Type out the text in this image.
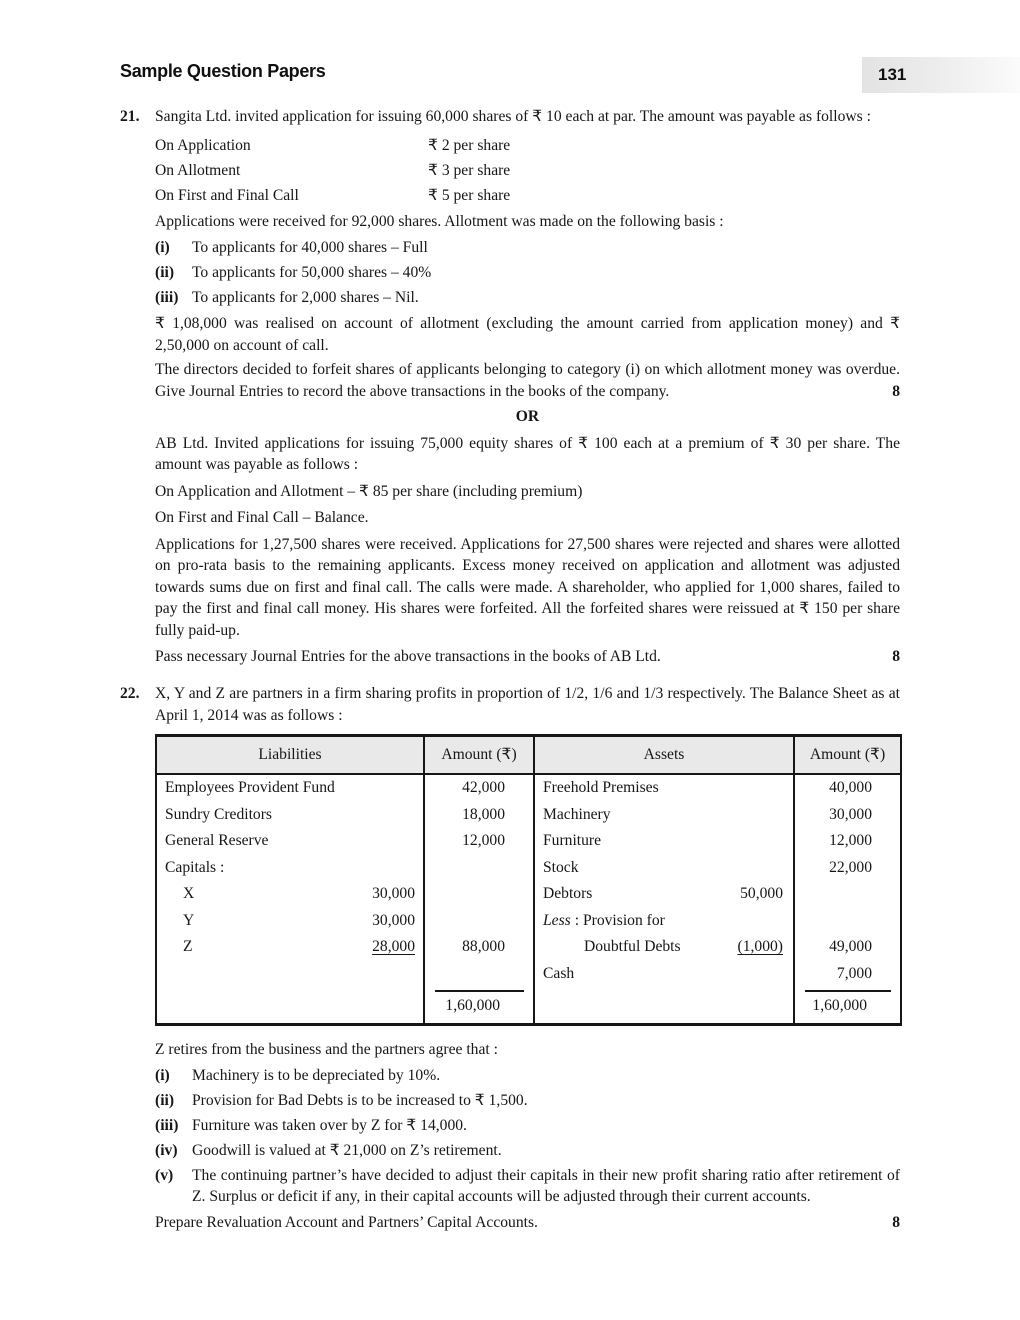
Sample Question Papers	131
21. Sangita Ltd. invited application for issuing 60,000 shares of ₹ 10 each at par. The amount was payable as follows :

On Application	₹ 2 per share
On Allotment	₹ 3 per share
On First and Final Call	₹ 5 per share

Applications were received for 92,000 shares. Allotment was made on the following basis :

(i)	To applicants for 40,000 shares – Full
(ii)	To applicants for 50,000 shares – 40%
(iii) To applicants for 2,000 shares – Nil.

₹ 1,08,000 was realised on account of allotment (excluding the amount carried from application money) and ₹ 2,50,000 on account of call.

The directors decided to forfeit shares of applicants belonging to category (i) on which allotment money was overdue. Give Journal Entries to record the above transactions in the books of the company.	8

OR

AB Ltd. Invited applications for issuing 75,000 equity shares of ₹ 100 each at a premium of ₹ 30 per share. The amount was payable as follows :

On Application and Allotment – ₹ 85 per share (including premium)

On First and Final Call – Balance.

Applications for 1,27,500 shares were received. Applications for 27,500 shares were rejected and shares were allotted on pro-rata basis to the remaining applicants. Excess money received on application and allotment was adjusted towards sums due on first and final call. The calls were made. A shareholder, who applied for 1,000 shares, failed to pay the first and final call money. His shares were forfeited. All the forfeited shares were reissued at ₹ 150 per share fully paid-up.

Pass necessary Journal Entries for the above transactions in the books of AB Ltd.	8
22. X, Y and Z are partners in a firm sharing profits in proportion of 1/2, 1/6 and 1/3 respectively. The Balance Sheet as at April 1, 2014 was as follows :

Liabilities	Amount (₹)	Assets	Amount (₹)

Employees Provident Fund	42,000	Freehold Premises	40,000

Sundry Creditors	18,000	Machinery	30,000

General Reserve	12,000	Furniture	12,000

Capitals :		Stock	22,000

X 30,000		Debtors 50,000	

Y 30,000		Less : Provision for	

Z 28,000	88,000	Doubtful Debts (1,000)	49,000

		Cash	7,000

	1,60,000		1,60,000

Z retires from the business and the partners agree that :

(i)	Machinery is to be depreciated by 10%.
(ii)	Provision for Bad Debts is to be increased to ₹ 1,500.
(iii) Furniture was taken over by Z for ₹ 14,000.
(iv) Goodwill is valued at ₹ 21,000 on Z’s retirement.
(v)	The continuing partner’s have decided to adjust their capitals in their new profit sharing ratio after retirement of Z. Surplus or deficit if any, in their capital accounts will be adjusted through their current accounts.
Prepare Revaluation Account and Partners’ Capital Accounts.	8
